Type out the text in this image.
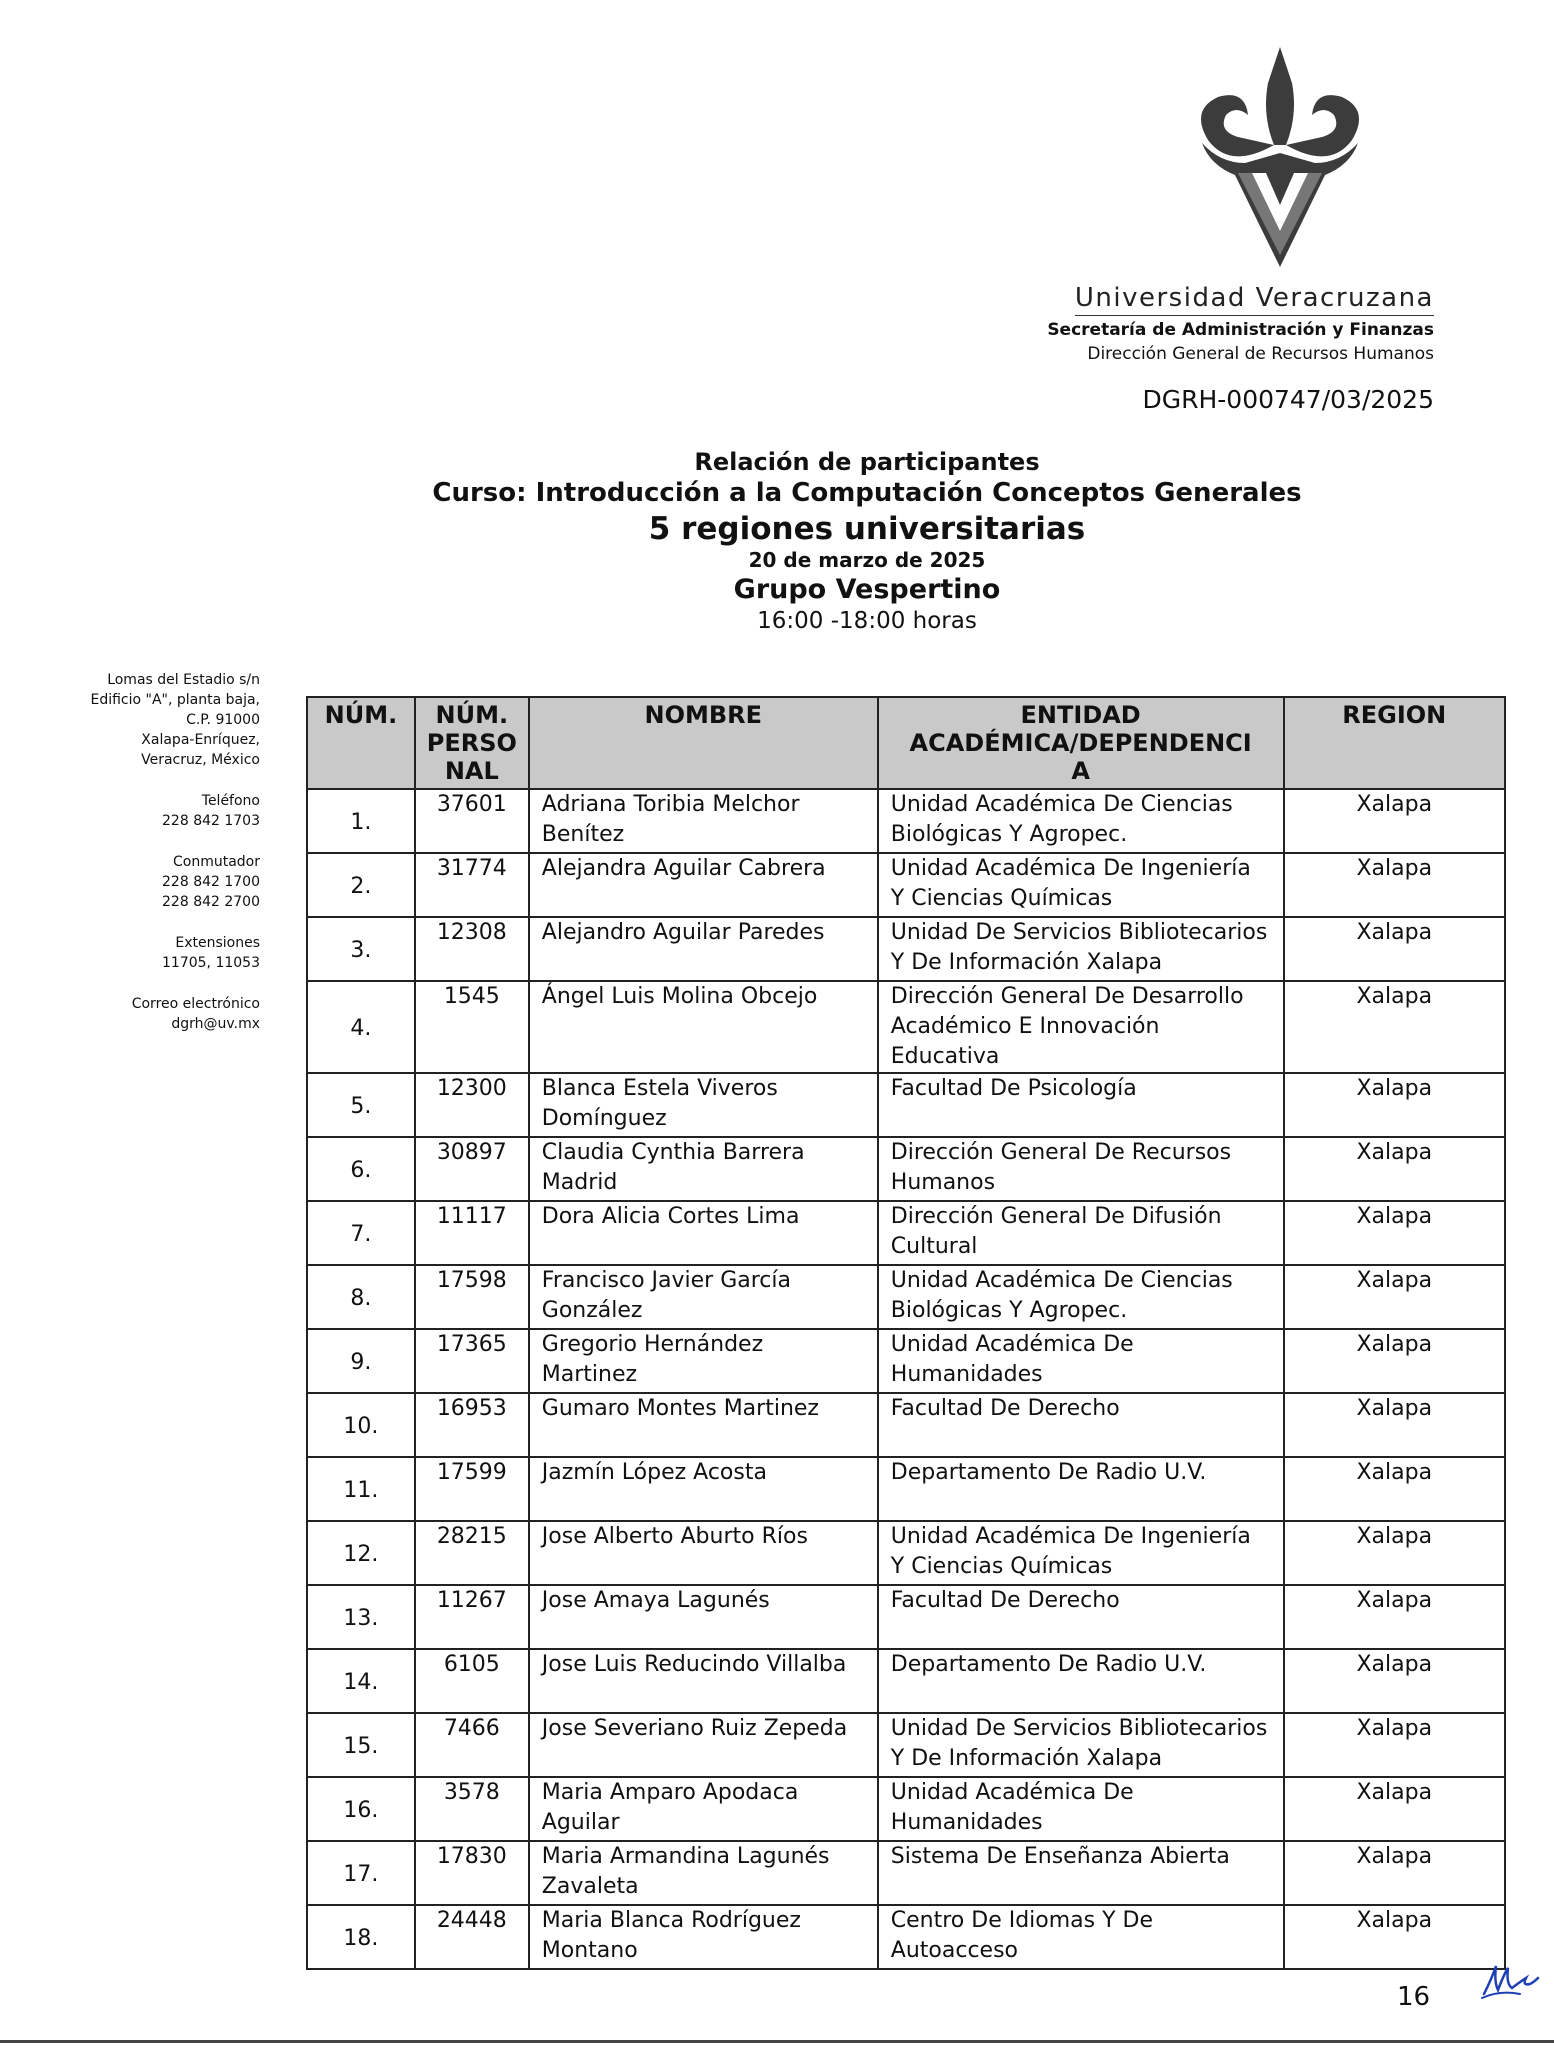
Universidad Veracruzana
Secretaría de Administración y Finanzas
Dirección General de Recursos Humanos
DGRH-000747/03/2025
Relación de participantes
Curso: Introducción a la Computación Conceptos Generales
5 regiones universitarias
20 de marzo de 2025
Grupo Vespertino
16:00 -18:00 horas
Lomas del Estadio s/n
Edificio "A", planta baja,
C.P. 91000
Xalapa-Enríquez,
Veracruz, México
Teléfono
228 842 1703
Conmutador
228 842 1700
228 842 2700
Extensiones
11705, 11053
Correo electrónico
dgrh@uv.mx
NÚM.	NÚM.
PERSO
NAL	NOMBRE	ENTIDAD
ACADÉMICA/DEPENDENCI
A	REGION
1.	37601	Adriana Toribia Melchor Benítez	Unidad Académica De Ciencias Biológicas Y Agropec.	Xalapa
2.	31774	Alejandra Aguilar Cabrera	Unidad Académica De Ingeniería Y Ciencias Químicas	Xalapa
3.	12308	Alejandro Aguilar Paredes	Unidad De Servicios Bibliotecarios Y De Información Xalapa	Xalapa
4.	1545	Ángel Luis Molina Obcejo	Dirección General De Desarrollo Académico E Innovación Educativa	Xalapa
5.	12300	Blanca Estela Viveros Domínguez	Facultad De Psicología	Xalapa
6.	30897	Claudia Cynthia Barrera Madrid	Dirección General De Recursos Humanos	Xalapa
7.	11117	Dora Alicia Cortes Lima	Dirección General De Difusión Cultural	Xalapa
8.	17598	Francisco Javier García González	Unidad Académica De Ciencias Biológicas Y Agropec.	Xalapa
9.	17365	Gregorio Hernández Martinez	Unidad Académica De Humanidades	Xalapa
10.	16953	Gumaro Montes Martinez	Facultad De Derecho	Xalapa
11.	17599	Jazmín López Acosta	Departamento De Radio U.V.	Xalapa
12.	28215	Jose Alberto Aburto Ríos	Unidad Académica De Ingeniería Y Ciencias Químicas	Xalapa
13.	11267	Jose Amaya Lagunés	Facultad De Derecho	Xalapa
14.	6105	Jose Luis Reducindo Villalba	Departamento De Radio U.V.	Xalapa
15.	7466	Jose Severiano Ruiz Zepeda	Unidad De Servicios Bibliotecarios Y De Información Xalapa	Xalapa
16.	3578	Maria Amparo Apodaca Aguilar	Unidad Académica De Humanidades	Xalapa
17.	17830	Maria Armandina Lagunés Zavaleta	Sistema De Enseñanza Abierta	Xalapa
18.	24448	Maria Blanca Rodríguez Montano	Centro De Idiomas Y De Autoacceso	Xalapa
16
